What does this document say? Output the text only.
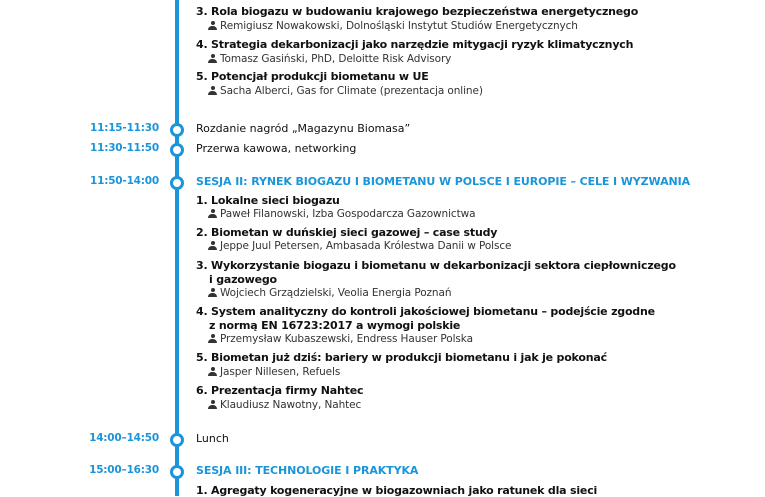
3. Rola biogazu w budowaniu krajowego bezpieczeństwa energetycznego
Remigiusz Nowakowski, Dolnośląski Instytut Studiów Energetycznych
4. Strategia dekarbonizacji jako narzędzie mitygacji ryzyk klimatycznych
Tomasz Gasiński, PhD, Deloitte Risk Advisory
5. Potencjał produkcji biometanu w UE
Sacha Alberci, Gas for Climate (prezentacja online)
11:15-11:30	Rozdanie nagród „Magazynu Biomasa”
11:30-11:50	Przerwa kawowa, networking
11:50-14:00	SESJA II: RYNEK BIOGAZU I BIOMETANU W POLSCE I EUROPIE – CELE I WYZWANIA
1. Lokalne sieci biogazu
Paweł Filanowski, Izba Gospodarcza Gazownictwa
2. Biometan w duńskiej sieci gazowej – case study
Jeppe Juul Petersen, Ambasada Królestwa Danii w Polsce
3. Wykorzystanie biogazu i biometanu w dekarbonizacji sektora ciepłowniczego
i gazowego
Wojciech Grządzielski, Veolia Energia Poznań
4. System analityczny do kontroli jakościowej biometanu – podejście zgodne
z normą EN 16723:2017 a wymogi polskie
Przemysław Kubaszewski, Endress Hauser Polska
5. Biometan już dziś: bariery w produkcji biometanu i jak je pokonać
Jasper Nillesen, Refuels
6. Prezentacja firmy Nahtec
Klaudiusz Nawotny, Nahtec
14:00–14:50	Lunch
15:00–16:30	SESJA III: TECHNOLOGIE I PRAKTYKA
1. Agregaty kogeneracyjne w biogazowniach jako ratunek dla sieci
